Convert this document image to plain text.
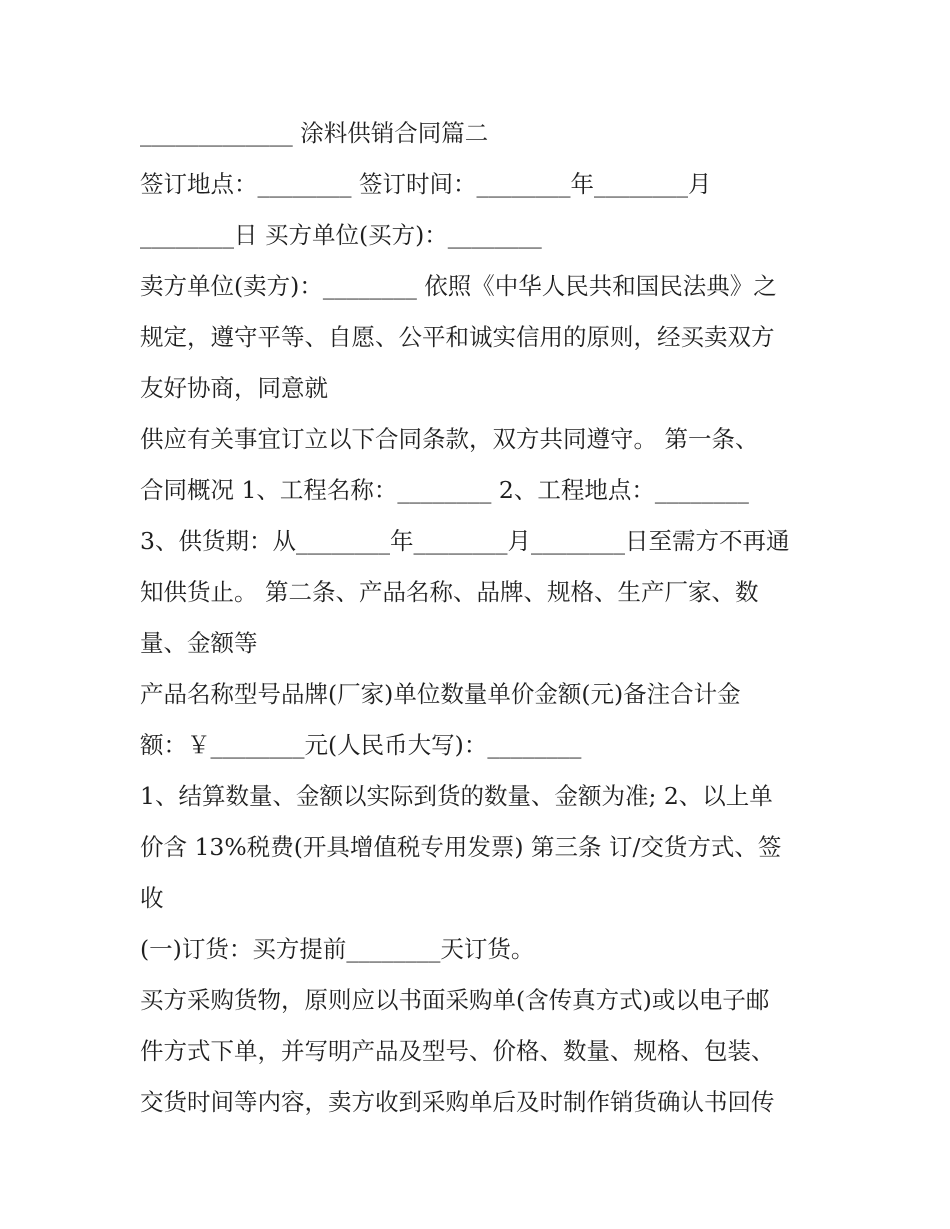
_____________ 涂料供销合同篇二
签订地点：________ 签订时间：________年________月
________日 买方单位(买方)：________
卖方单位(卖方)：________ 依照《中华人民共和国民法典》之
规定，遵守平等、自愿、公平和诚实信用的原则，经买卖双方
友好协商，同意就
供应有关事宜订立以下合同条款，双方共同遵守。 第一条、
合同概况 1、工程名称：________ 2、工程地点：________
3、供货期：从________年________月________日至需方不再通
知供货止。 第二条、产品名称、品牌、规格、生产厂家、数
量、金额等
产品名称型号品牌(厂家)单位数量单价金额(元)备注合计金
额：￥________元(人民币大写)：________
1、结算数量、金额以实际到货的数量、金额为准; 2、以上单
价含 13%税费(开具增值税专用发票) 第三条 订/交货方式、签
收
(一)订货：买方提前________天订货。
买方采购货物，原则应以书面采购单(含传真方式)或以电子邮
件方式下单，并写明产品及型号、价格、数量、规格、包装、
交货时间等内容，卖方收到采购单后及时制作销货确认书回传
